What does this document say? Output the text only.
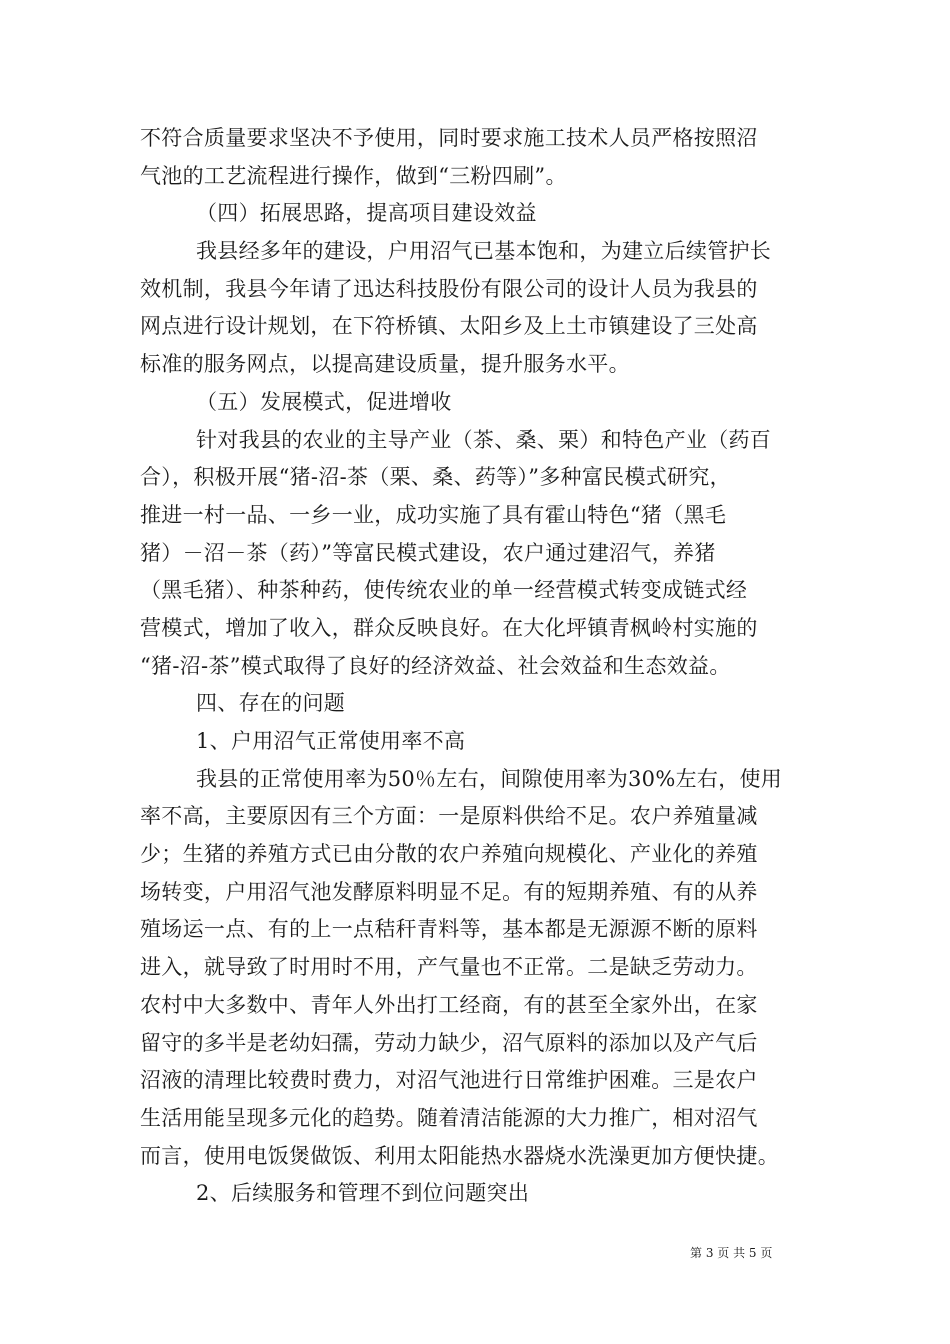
不符合质量要求坚决不予使用，同时要求施工技术人员严格按照沼
气池的工艺流程进行操作，做到“三粉四刷”。
（四）拓展思路，提高项目建设效益
我县经多年的建设，户用沼气已基本饱和，为建立后续管护长
效机制，我县今年请了迅达科技股份有限公司的设计人员为我县的
网点进行设计规划，在下符桥镇、太阳乡及上土市镇建设了三处高
标准的服务网点，以提高建设质量，提升服务水平。
（五）发展模式，促进增收
针对我县的农业的主导产业（茶、桑、栗）和特色产业（药百
合），积极开展“猪-沼-茶（栗、桑、药等）”多种富民模式研究，
推进一村一品、一乡一业，成功实施了具有霍山特色“猪（黑毛
猪）－沼－茶（药）”等富民模式建设，农户通过建沼气，养猪
（黑毛猪）、种茶种药，使传统农业的单一经营模式转变成链式经
营模式，增加了收入，群众反映良好。在大化坪镇青枫岭村实施的
“猪-沼-茶”模式取得了良好的经济效益、社会效益和生态效益。
四、存在的问题
1、户用沼气正常使用率不高
我县的正常使用率为50％左右，间隙使用率为30%左右，使用
率不高，主要原因有三个方面：一是原料供给不足。农户养殖量减
少；生猪的养殖方式已由分散的农户养殖向规模化、产业化的养殖
场转变，户用沼气池发酵原料明显不足。有的短期养殖、有的从养
殖场运一点、有的上一点秸秆青料等，基本都是无源源不断的原料
进入，就导致了时用时不用，产气量也不正常。二是缺乏劳动力。
农村中大多数中、青年人外出打工经商，有的甚至全家外出，在家
留守的多半是老幼妇孺，劳动力缺少，沼气原料的添加以及产气后
沼液的清理比较费时费力，对沼气池进行日常维护困难。三是农户
生活用能呈现多元化的趋势。随着清洁能源的大力推广，相对沼气
而言，使用电饭煲做饭、利用太阳能热水器烧水洗澡更加方便快捷。
2、后续服务和管理不到位问题突出
第 3 页 共 5 页
